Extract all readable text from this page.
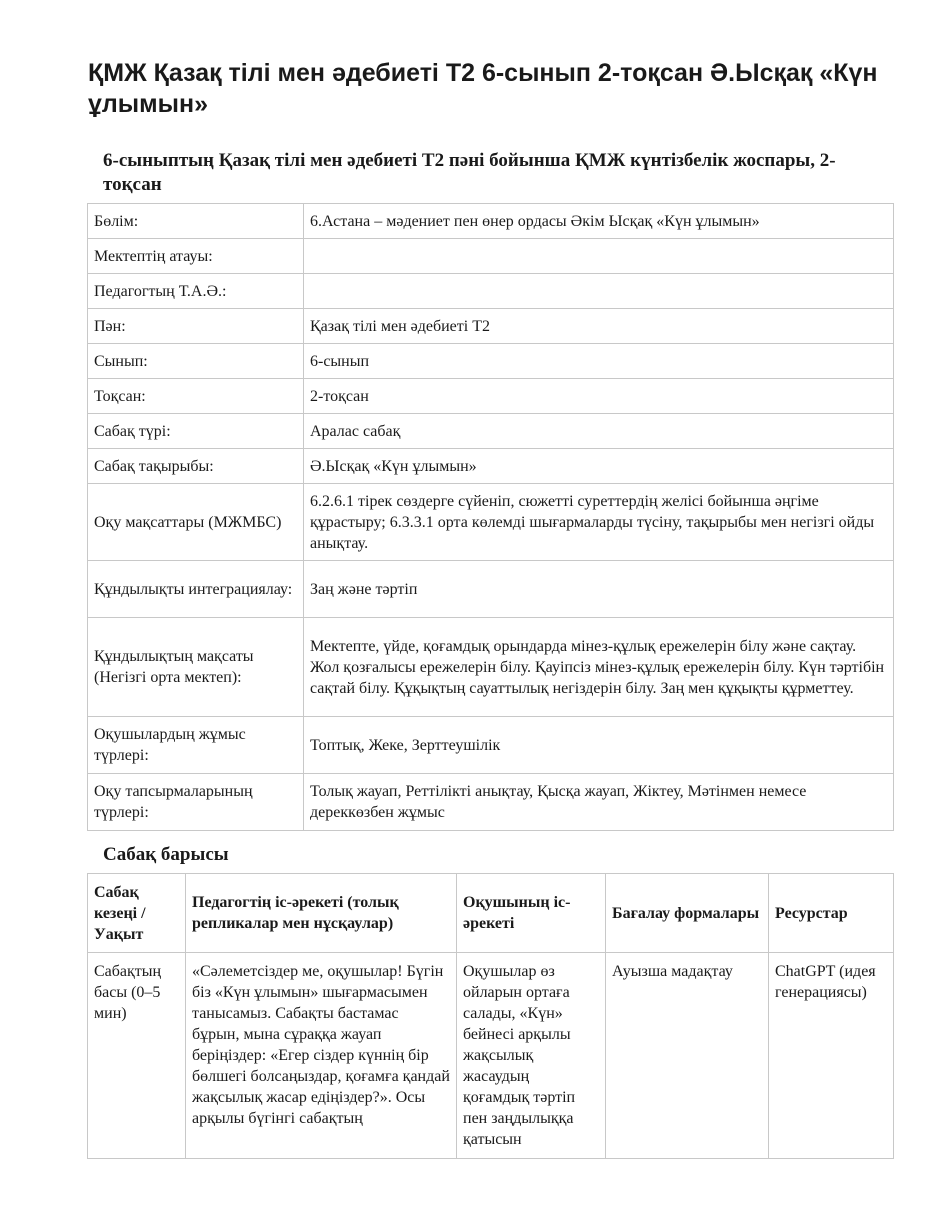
ҚМЖ Қазақ тілі мен әдебиеті Т2 6-сынып 2-тоқсан Ә.Ысқақ «Күн ұлымын»
6-сыныптың Қазақ тілі мен әдебиеті Т2 пәні бойынша ҚМЖ күнтізбелік жоспары, 2-тоқсан
Бөлім:	6.Астана – мәдениет пен өнер ордасы Әкім Ысқақ «Күн ұлымын»
Мектептің атауы:	
Педагогтың Т.А.Ә.:	
Пән:	Қазақ тілі мен әдебиеті Т2
Сынып:	6-сынып
Тоқсан:	2-тоқсан
Сабақ түрі:	Аралас сабақ
Сабақ тақырыбы:	Ә.Ысқақ «Күн ұлымын»
Оқу мақсаттары (МЖМБС)	6.2.6.1 тірек сөздерге сүйеніп, сюжетті суреттердің желісі бойынша әңгіме құрастыру; 6.3.3.1 орта көлемді шығармаларды түсіну, тақырыбы мен негізгі ойды анықтау.
Құндылықты интеграциялау:	Заң және тәртіп
Құндылықтың мақсаты (Негізгі орта мектеп):	Мектепте, үйде, қоғамдық орындарда мінез-құлық ережелерін білу және сақтау. Жол қозғалысы ережелерін білу. Қауіпсіз мінез-құлық ережелерін білу. Күн тәртібін сақтай білу. Құқықтың сауаттылық негіздерін білу. Заң мен құқықты құрметтеу.
Оқушылардың жұмыс түрлері:	Топтық, Жеке, Зерттеушілік
Оқу тапсырмаларының түрлері:	Толық жауап, Реттілікті анықтау, Қысқа жауап, Жіктеу, Мәтінмен немесе дереккөзбен жұмыс
Сабақ барысы
Сабақ кезеңі / Уақыт	Педагогтің іс-әрекеті (толық репликалар мен нұсқаулар)	Оқушының іс-әрекеті	Бағалау формалары	Ресурстар
Сабақтың басы (0–5 мин)	«Сәлеметсіздер ме, оқушылар! Бүгін біз «Күн ұлымын» шығармасымен танысамыз. Сабақты бастамас бұрын, мына сұраққа жауап беріңіздер: «Егер сіздер күннің бір бөлшегі болсаңыздар, қоғамға қандай жақсылық жасар едіңіздер?». Осы арқылы бүгінгі сабақтың	Оқушылар өз ойларын ортаға салады, «Күн» бейнесі арқылы жақсылық жасаудың қоғамдық тәртіп пен заңдылыққа қатысын	Ауызша мадақтау	ChatGPT (идея генерациясы)
